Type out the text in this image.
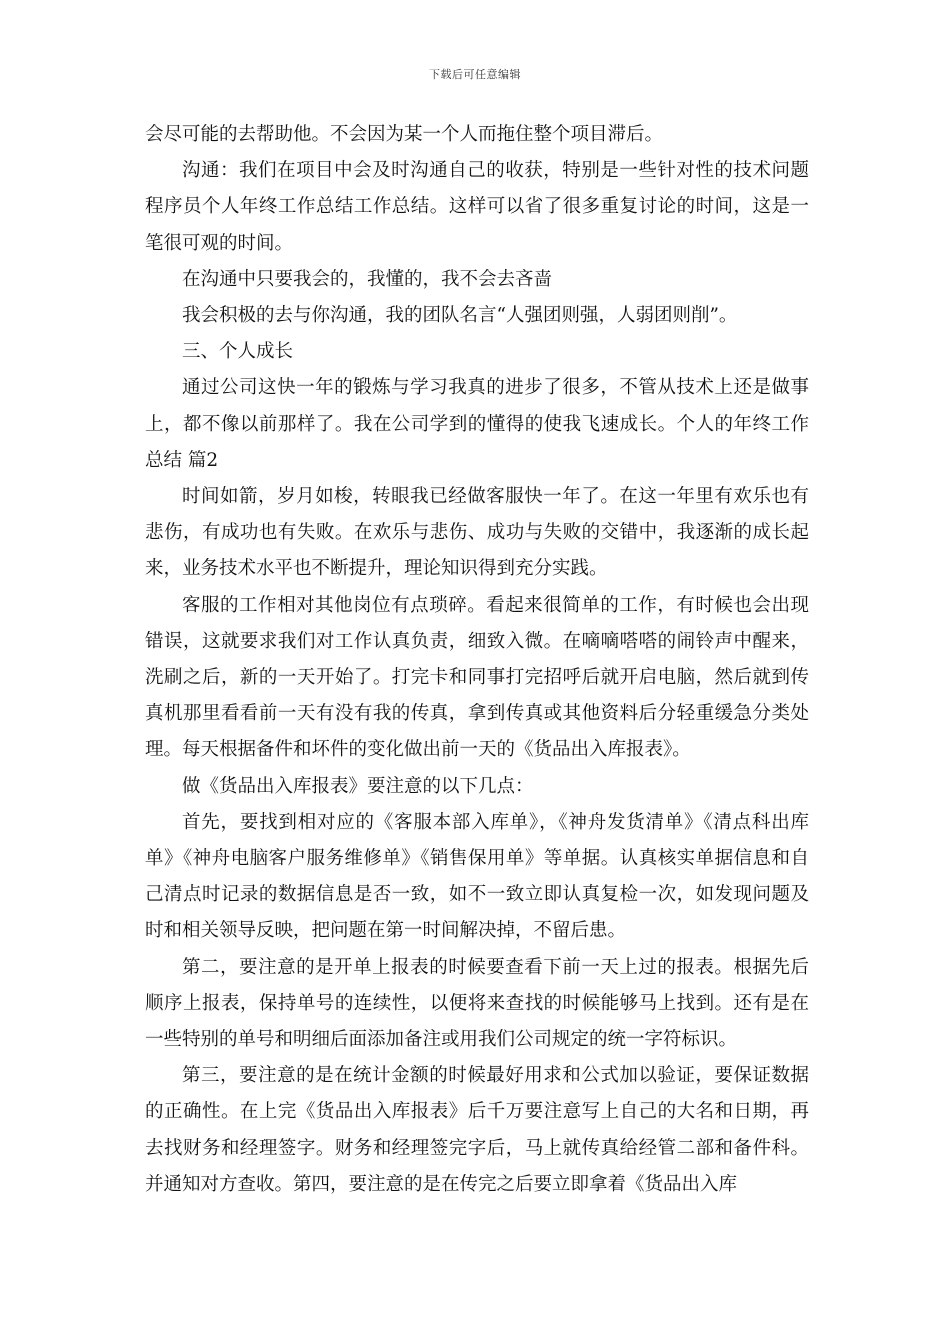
下载后可任意编辑

会尽可能的去帮助他。不会因为某一个人而拖住整个项目滞后。

沟通：我们在项目中会及时沟通自己的收获，特别是一些针对性的技术问题程序员个人年终工作总结工作总结。这样可以省了很多重复讨论的时间，这是一笔很可观的时间。

在沟通中只要我会的，我懂的，我不会去吝啬

我会积极的去与你沟通，我的团队名言“人强团则强，人弱团则削”。

三、个人成长

通过公司这快一年的锻炼与学习我真的进步了很多，不管从技术上还是做事上，都不像以前那样了。我在公司学到的懂得的使我飞速成长。个人的年终工作总结 篇2

时间如箭，岁月如梭，转眼我已经做客服快一年了。在这一年里有欢乐也有悲伤，有成功也有失败。在欢乐与悲伤、成功与失败的交错中，我逐渐的成长起来，业务技术水平也不断提升，理论知识得到充分实践。

客服的工作相对其他岗位有点琐碎。看起来很简单的工作，有时候也会出现错误，这就要求我们对工作认真负责，细致入微。在嘀嘀嗒嗒的闹铃声中醒来，洗刷之后，新的一天开始了。打完卡和同事打完招呼后就开启电脑，然后就到传真机那里看看前一天有没有我的传真，拿到传真或其他资料后分轻重缓急分类处理。每天根据备件和坏件的变化做出前一天的《货品出入库报表》。

做《货品出入库报表》要注意的以下几点：

首先，要找到相对应的《客服本部入库单》，《神舟发货清单》《清点科出库单》《神舟电脑客户服务维修单》《销售保用单》等单据。认真核实单据信息和自己清点时记录的数据信息是否一致，如不一致立即认真复检一次，如发现问题及时和相关领导反映，把问题在第一时间解决掉，不留后患。

第二，要注意的是开单上报表的时候要查看下前一天上过的报表。根据先后顺序上报表，保持单号的连续性，以便将来查找的时候能够马上找到。还有是在一些特别的单号和明细后面添加备注或用我们公司规定的统一字符标识。

第三，要注意的是在统计金额的时候最好用求和公式加以验证，要保证数据的正确性。在上完《货品出入库报表》后千万要注意写上自己的大名和日期，再去找财务和经理签字。财务和经理签完字后，马上就传真给经管二部和备件科。并通知对方查收。第四，要注意的是在传完之后要立即拿着《货品出入库
